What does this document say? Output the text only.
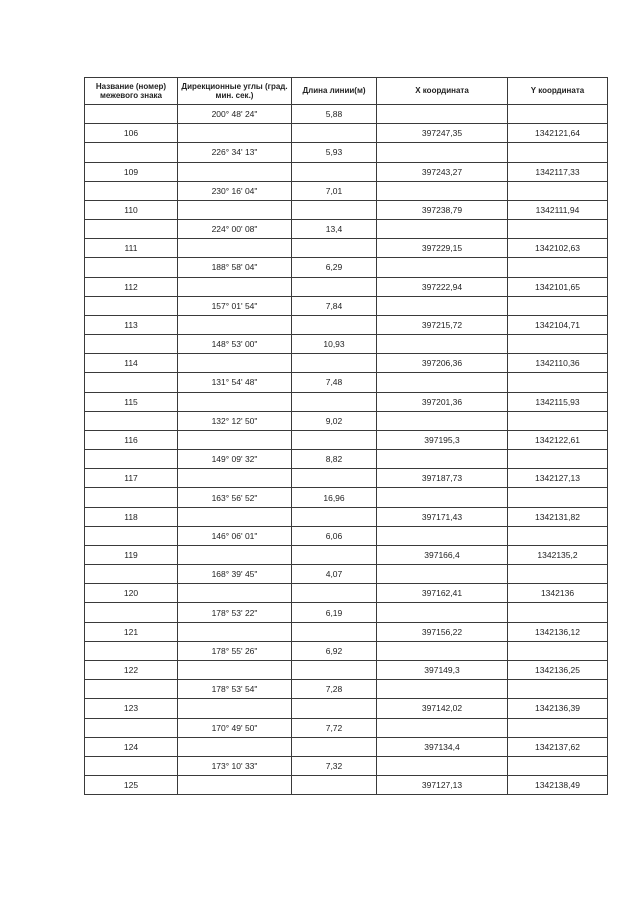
Название (номер) межевого знака	Дирекционные углы (град. мин. сек.)	Длина линии(м)	Х координата	Y координата
	200° 48' 24"	5,88		
106			397247,35	1342121,64
	226° 34' 13"	5,93		
109			397243,27	1342117,33
	230° 16' 04"	7,01		
110			397238,79	1342111,94
	224° 00' 08"	13,4		
111			397229,15	1342102,63
	188° 58' 04"	6,29		
112			397222,94	1342101,65
	157° 01' 54"	7,84		
113			397215,72	1342104,71
	148° 53' 00"	10,93		
114			397206,36	1342110,36
	131° 54' 48"	7,48		
115			397201,36	1342115,93
	132° 12' 50"	9,02		
116			397195,3	1342122,61
	149° 09' 32"	8,82		
117			397187,73	1342127,13
	163° 56' 52"	16,96		
118			397171,43	1342131,82
	146° 06' 01"	6,06		
119			397166,4	1342135,2
	168° 39' 45"	4,07		
120			397162,41	1342136
	178° 53' 22"	6,19		
121			397156,22	1342136,12
	178° 55' 26"	6,92		
122			397149,3	1342136,25
	178° 53' 54"	7,28		
123			397142,02	1342136,39
	170° 49' 50"	7,72		
124			397134,4	1342137,62
	173° 10' 33"	7,32		
125			397127,13	1342138,49
